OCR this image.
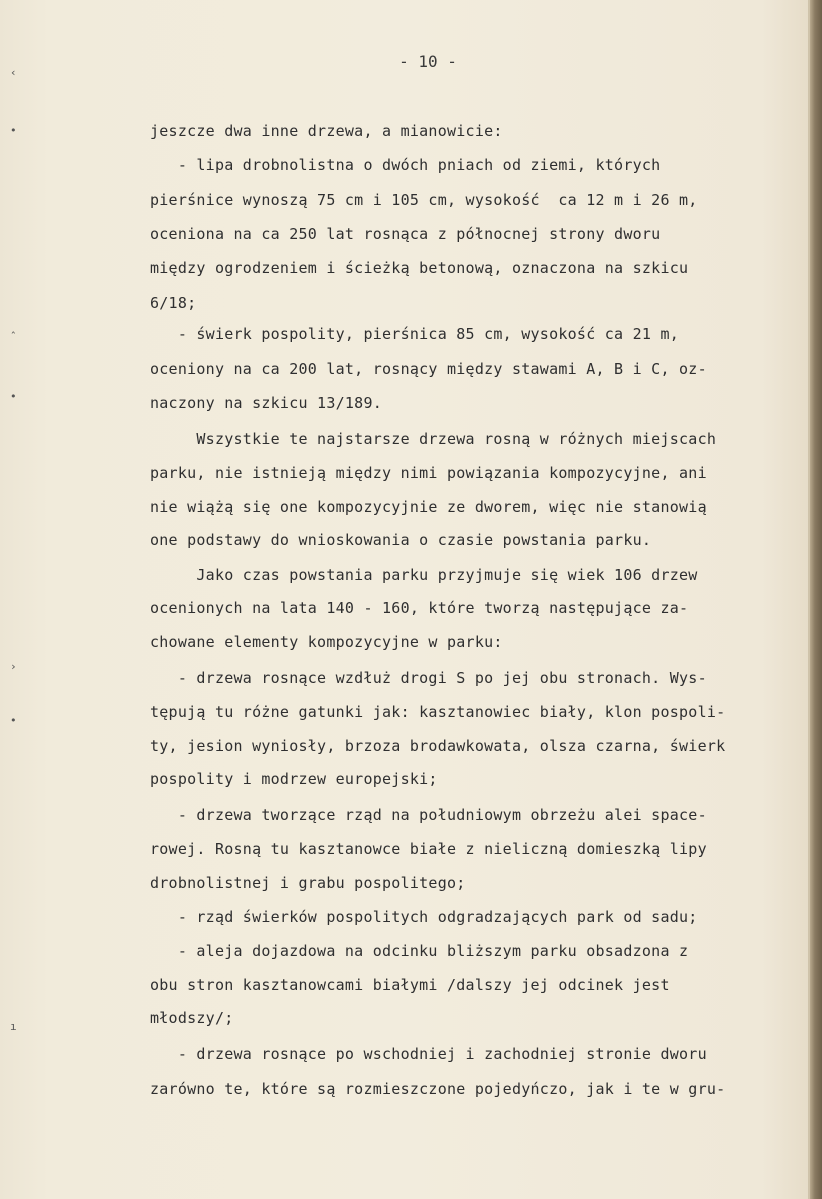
‹
•
ˆ
•
›
•
ı
- 10 -
jeszcze dwa inne drzewa, a mianowicie:
- lipa drobnolistna o dwóch pniach od ziemi, których
pierśnice wynoszą 75 cm i 105 cm, wysokość  ca 12 m i 26 m,
oceniona na ca 250 lat rosnąca z północnej strony dworu
między ogrodzeniem i ścieżką betonową, oznaczona na szkicu
6/18;
- świerk pospolity, pierśnica 85 cm, wysokość ca 21 m,
oceniony na ca 200 lat, rosnący między stawami A, B i C, oz-
naczony na szkicu 13/189.
Wszystkie te najstarsze drzewa rosną w różnych miejscach
parku, nie istnieją między nimi powiązania kompozycyjne, ani
nie wiążą się one kompozycyjnie ze dworem, więc nie stanowią
one podstawy do wnioskowania o czasie powstania parku.
Jako czas powstania parku przyjmuje się wiek 106 drzew
ocenionych na lata 140 - 160, które tworzą następujące za-
chowane elementy kompozycyjne w parku:
- drzewa rosnące wzdłuż drogi S po jej obu stronach. Wys-
tępują tu różne gatunki jak: kasztanowiec biały, klon pospoli-
ty, jesion wyniosły, brzoza brodawkowata, olsza czarna, świerk
pospolity i modrzew europejski;
- drzewa tworzące rząd na południowym obrzeżu alei space-
rowej. Rosną tu kasztanowce białe z nieliczną domieszką lipy
drobnolistnej i grabu pospolitego;
- rząd świerków pospolitych odgradzających park od sadu;
- aleja dojazdowa na odcinku bliższym parku obsadzona z
obu stron kasztanowcami białymi /dalszy jej odcinek jest
młodszy/;
- drzewa rosnące po wschodniej i zachodniej stronie dworu
zarówno te, które są rozmieszczone pojedyńczo, jak i te w gru-
